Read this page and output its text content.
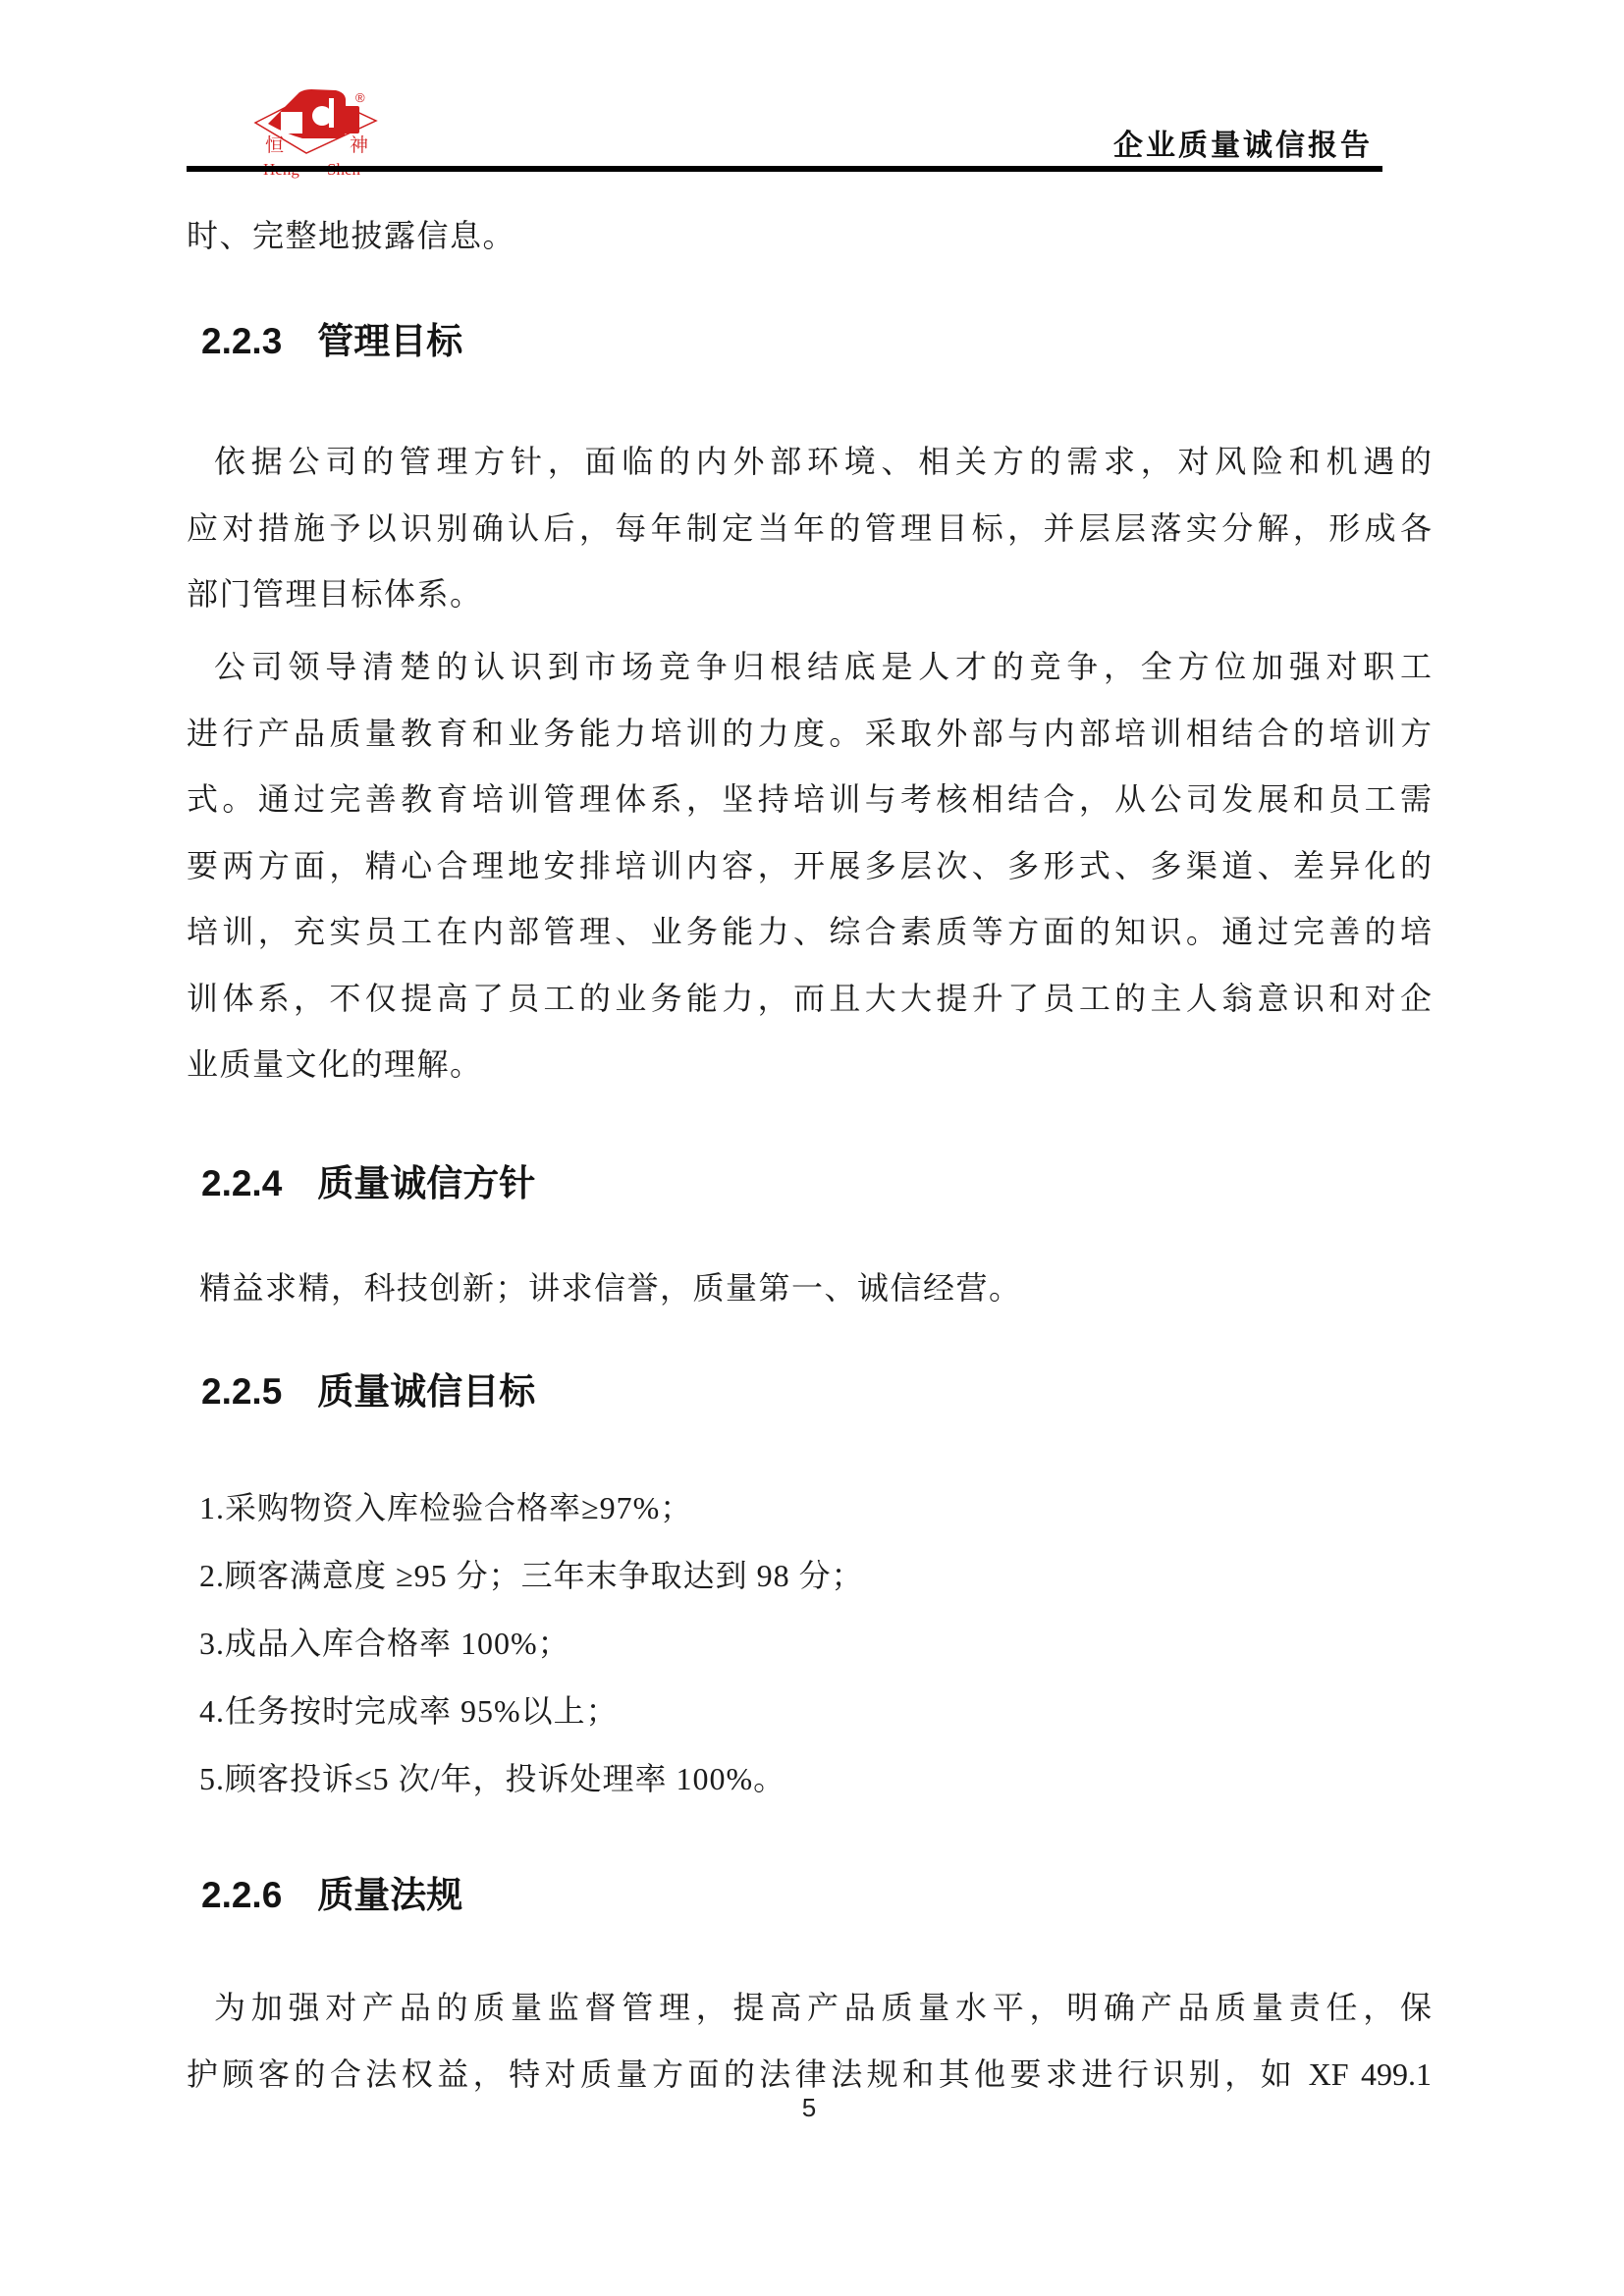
®
恒	神	企业质量诚信报告
时、完整地披露信息。
2.2.3 管理目标
依据公司的管理方针，面临的内外部环境、相关方的需求，对风险和机遇的
应对措施予以识别确认后，每年制定当年的管理目标，并层层落实分解，形成各
部门管理目标体系。
公司领导清楚的认识到市场竞争归根结底是人才的竞争，全方位加强对职工
进行产品质量教育和业务能力培训的力度。采取外部与内部培训相结合的培训方
式。通过完善教育培训管理体系，坚持培训与考核相结合，从公司发展和员工需
要两方面，精心合理地安排培训内容，开展多层次、多形式、多渠道、差异化的
培训，充实员工在内部管理、业务能力、综合素质等方面的知识。通过完善的培
训体系，不仅提高了员工的业务能力，而且大大提升了员工的主人翁意识和对企
业质量文化的理解。
2.2.4 质量诚信方针
精益求精，科技创新；讲求信誉，质量第一、诚信经营。
2.2.5 质量诚信目标
1.采购物资入库检验合格率≥97%；
2.顾客满意度 ≥95 分；三年末争取达到 98 分；
3.成品入库合格率 100%；
4.任务按时完成率 95%以上；
5.顾客投诉≤5 次/年，投诉处理率 100%。
2.2.6 质量法规
为加强对产品的质量监督管理，提高产品质量水平，明确产品质量责任，保
护顾客的合法权益，特对质量方面的法律法规和其他要求进行识别，如 XF 499.1
5
